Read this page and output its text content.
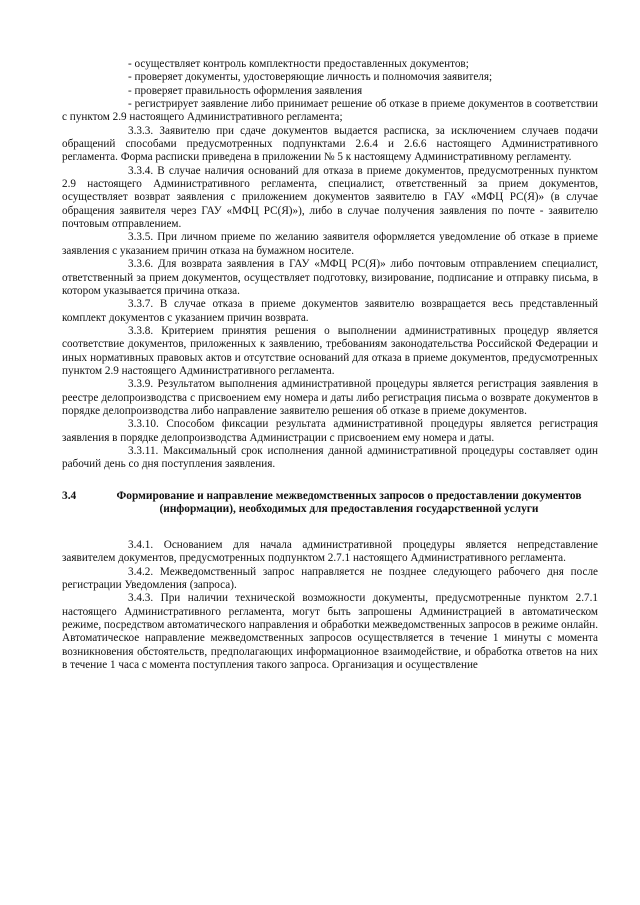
- осуществляет контроль комплектности предоставленных документов;

- проверяет документы, удостоверяющие личность и полномочия заявителя;

- проверяет правильность оформления заявления

- регистрирует заявление либо принимает решение об отказе в приеме документов в соответствии с пунктом 2.9 настоящего Административного регламента;

3.3.3. Заявителю при сдаче документов выдается расписка, за исключением случаев подачи обращений способами предусмотренных подпунктами 2.6.4 и 2.6.6 настоящего Административного регламента. Форма расписки приведена в приложении № 5 к настоящему Административному регламенту.

3.3.4. В случае наличия оснований для отказа в приеме документов, предусмотренных пунктом 2.9 настоящего Административного регламента, специалист, ответственный за прием документов, осуществляет возврат заявления с приложением документов заявителю в ГАУ «МФЦ РС(Я)» (в случае обращения заявителя через ГАУ «МФЦ РС(Я)»), либо в случае получения заявления по почте - заявителю почтовым отправлением.

3.3.5. При личном приеме по желанию заявителя оформляется уведомление об отказе в приеме заявления с указанием причин отказа на бумажном носителе.

3.3.6. Для возврата заявления в ГАУ «МФЦ РС(Я)» либо почтовым отправлением специалист, ответственный за прием документов, осуществляет подготовку, визирование, подписание и отправку письма, в котором указывается причина отказа.

3.3.7. В случае отказа в приеме документов заявителю возвращается весь представленный комплект документов с указанием причин возврата.

3.3.8. Критерием принятия решения о выполнении административных процедур является соответствие документов, приложенных к заявлению, требованиям законодательства Российской Федерации и иных нормативных правовых актов и отсутствие оснований для отказа в приеме документов, предусмотренных пунктом 2.9 настоящего Административного регламента.

3.3.9. Результатом выполнения административной процедуры является регистрация заявления в реестре делопроизводства с присвоением ему номера и даты либо регистрация письма о возврате документов в порядке делопроизводства либо направление заявителю решения об отказе в приеме документов.

3.3.10. Способом фиксации результата административной процедуры является регистрация заявления в порядке делопроизводства Администрации с присвоением ему номера и даты.

3.3.11. Максимальный срок исполнения данной административной процедуры составляет один рабочий день со дня поступления заявления.

3.4	Формирование и направление межведомственных запросов о предоставлении документов (информации), необходимых для предоставления государственной услуги

3.4.1. Основанием для начала административной процедуры является непредставление заявителем документов, предусмотренных подпунктом 2.7.1 настоящего Административного регламента.

3.4.2. Межведомственный запрос направляется не позднее следующего рабочего дня после регистрации Уведомления (запроса).

3.4.3. При наличии технической возможности документы, предусмотренные пунктом 2.7.1 настоящего Административного регламента, могут быть запрошены Администрацией в автоматическом режиме, посредством автоматического направления и обработки межведомственных запросов в режиме онлайн. Автоматическое направление межведомственных запросов осуществляется в течение 1 минуты с момента возникновения обстоятельств, предполагающих информационное взаимодействие, и обработка ответов на них в течение 1 часа с момента поступления такого запроса. Организация и осуществление
